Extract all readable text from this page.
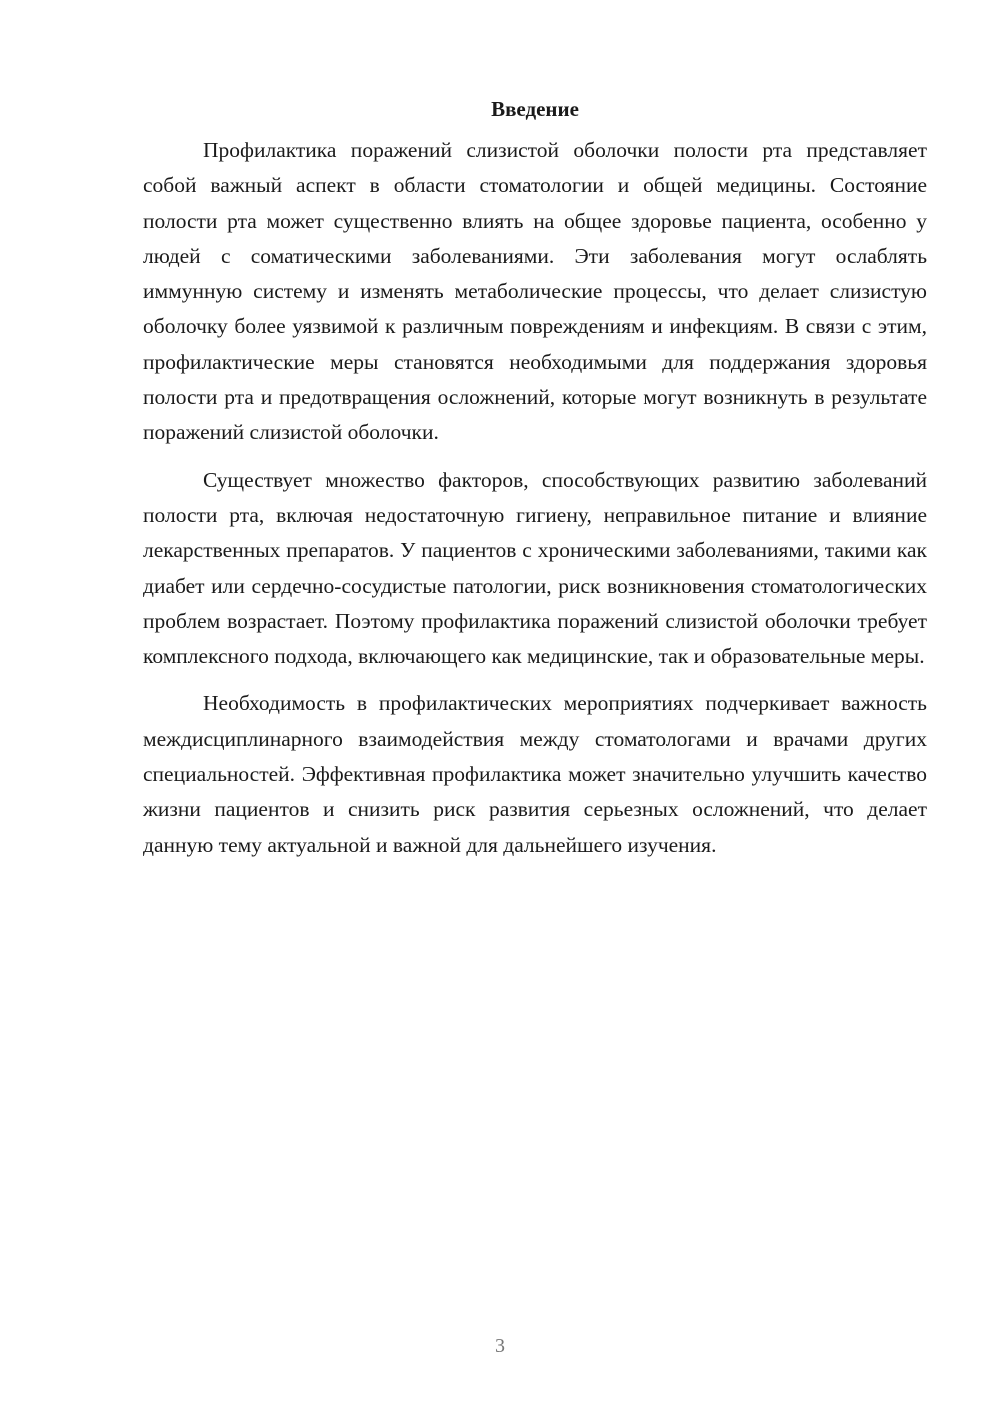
Введение

Профилактика поражений слизистой оболочки полости рта представляет собой важный аспект в области стоматологии и общей медицины. Состояние полости рта может существенно влиять на общее здоровье пациента, особенно у людей с соматическими заболеваниями. Эти заболевания могут ослаблять иммунную систему и изменять метаболические процессы, что делает слизистую оболочку более уязвимой к различным повреждениям и инфекциям. В связи с этим, профилактические меры становятся необходимыми для поддержания здоровья полости рта и предотвращения осложнений, которые могут возникнуть в результате поражений слизистой оболочки.

Существует множество факторов, способствующих развитию заболеваний полости рта, включая недостаточную гигиену, неправильное питание и влияние лекарственных препаратов. У пациентов с хроническими заболеваниями, такими как диабет или сердечно-сосудистые патологии, риск возникновения стоматологических проблем возрастает. Поэтому профилактика поражений слизистой оболочки требует комплексного подхода, включающего как медицинские, так и образовательные меры.

Необходимость в профилактических мероприятиях подчеркивает важность междисциплинарного взаимодействия между стоматологами и врачами других специальностей. Эффективная профилактика может значительно улучшить качество жизни пациентов и снизить риск развития серьезных осложнений, что делает данную тему актуальной и важной для дальнейшего изучения.

3
